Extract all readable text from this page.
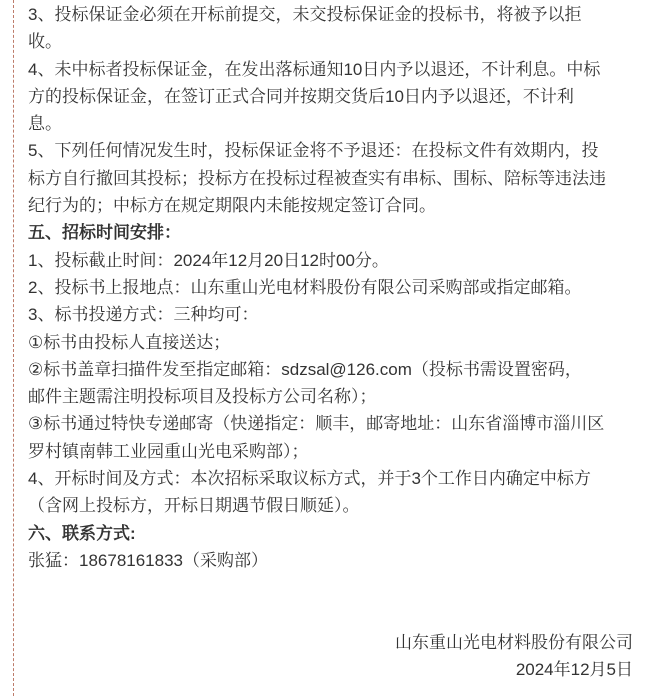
3、投标保证金必须在开标前提交，未交投标保证金的投标书，将被予以拒
收。
4、未中标者投标保证金，在发出落标通知10日内予以退还，不计利息。中标
方的投标保证金，在签订正式合同并按期交货后10日内予以退还，不计利
息。
5、下列任何情况发生时，投标保证金将不予退还：在投标文件有效期内，投
标方自行撤回其投标；投标方在投标过程被查实有串标、围标、陪标等违法违
纪行为的；中标方在规定期限内未能按规定签订合同。
五、招标时间安排：
1、投标截止时间：2024年12月20日12时00分。
2、投标书上报地点：山东重山光电材料股份有限公司采购部或指定邮箱。
3、标书投递方式：三种均可：
①标书由投标人直接送达；
②标书盖章扫描件发至指定邮箱：sdzsal@126.com（投标书需设置密码，
邮件主题需注明投标项目及投标方公司名称）；
③标书通过特快专递邮寄（快递指定：顺丰，邮寄地址：山东省淄博市淄川区
罗村镇南韩工业园重山光电采购部）；
4、开标时间及方式：本次招标采取议标方式，并于3个工作日内确定中标方
（含网上投标方，开标日期遇节假日顺延）。
六、联系方式:
张猛：18678161833（采购部）

山东重山光电材料股份有限公司
2024年12月5日
